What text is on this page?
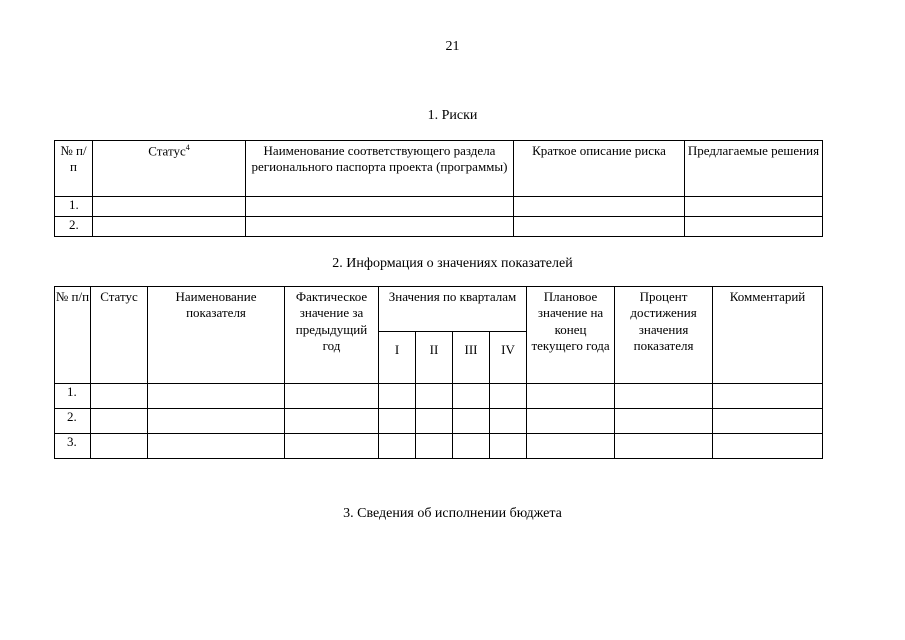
21
1. Риски
№ п/п	Статус$^4$	Наименование соответствующего раздела регионального паспорта проекта (программы)	Краткое описание риска	Предлагаемые решения
1.				
2.				
2. Информация о значениях показателей
№ п/п	Статус	Наименование показателя	Фактическое значение за предыдущий год	Значения по кварталам				Плановое значение на конец текущего года	Процент достижения значения показателя	Комментарий
				I	II	III	IV			
1.										
2.										
3.										
3. Сведения об исполнении бюджета
